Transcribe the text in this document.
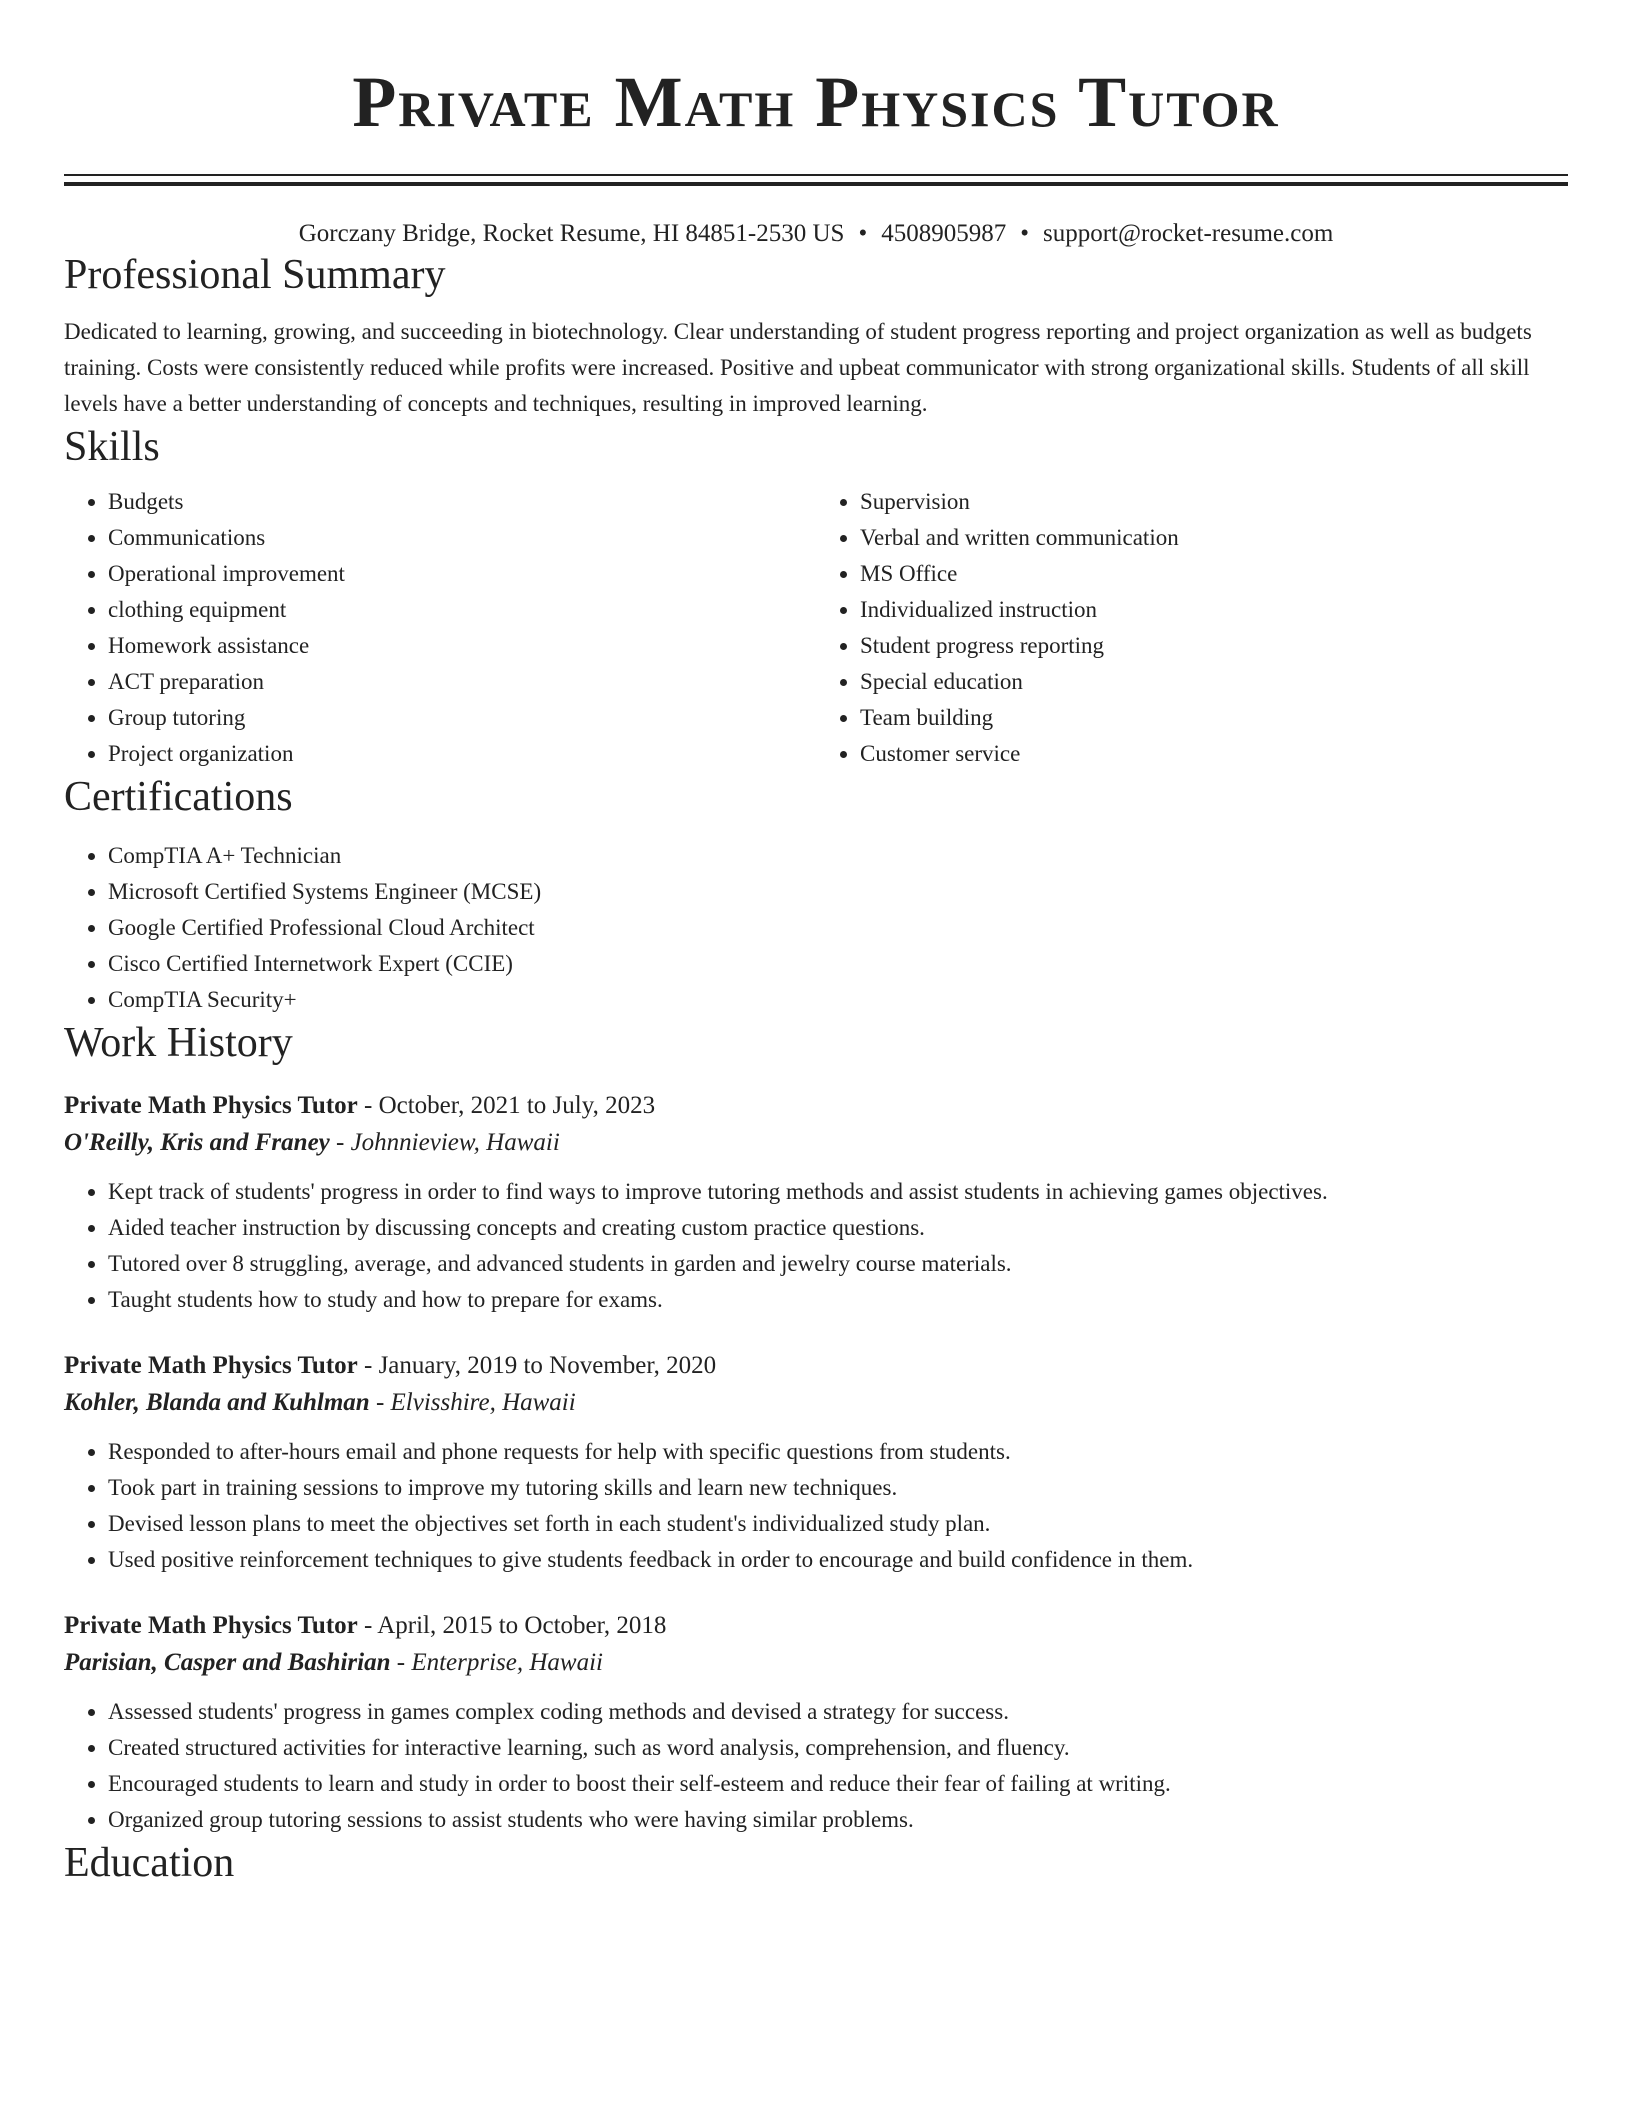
Private Math Physics Tutor
Gorczany Bridge, Rocket Resume, HI 84851-2530 US • 4508905987 • support@rocket-resume.com
Professional Summary
Dedicated to learning, growing, and succeeding in biotechnology. Clear understanding of student progress reporting and project organization as well as budgets training. Costs were consistently reduced while profits were increased. Positive and upbeat communicator with strong organizational skills. Students of all skill levels have a better understanding of concepts and techniques, resulting in improved learning.
Skills
• Budgets
• Communications
• Operational improvement
• clothing equipment
• Homework assistance
• ACT preparation
• Group tutoring
• Project organization
• Supervision
• Verbal and written communication
• MS Office
• Individualized instruction
• Student progress reporting
• Special education
• Team building
• Customer service
Certifications
• CompTIA A+ Technician
• Microsoft Certified Systems Engineer (MCSE)
• Google Certified Professional Cloud Architect
• Cisco Certified Internetwork Expert (CCIE)
• CompTIA Security+
Work History
Private Math Physics Tutor - October, 2021 to July, 2023
O'Reilly, Kris and Franey - Johnnieview, Hawaii
• Kept track of students' progress in order to find ways to improve tutoring methods and assist students in achieving games objectives.
• Aided teacher instruction by discussing concepts and creating custom practice questions.
• Tutored over 8 struggling, average, and advanced students in garden and jewelry course materials.
• Taught students how to study and how to prepare for exams.
Private Math Physics Tutor - January, 2019 to November, 2020
Kohler, Blanda and Kuhlman - Elvisshire, Hawaii
• Responded to after-hours email and phone requests for help with specific questions from students.
• Took part in training sessions to improve my tutoring skills and learn new techniques.
• Devised lesson plans to meet the objectives set forth in each student's individualized study plan.
• Used positive reinforcement techniques to give students feedback in order to encourage and build confidence in them.
Private Math Physics Tutor - April, 2015 to October, 2018
Parisian, Casper and Bashirian - Enterprise, Hawaii
• Assessed students' progress in games complex coding methods and devised a strategy for success.
• Created structured activities for interactive learning, such as word analysis, comprehension, and fluency.
• Encouraged students to learn and study in order to boost their self-esteem and reduce their fear of failing at writing.
• Organized group tutoring sessions to assist students who were having similar problems.
Education
